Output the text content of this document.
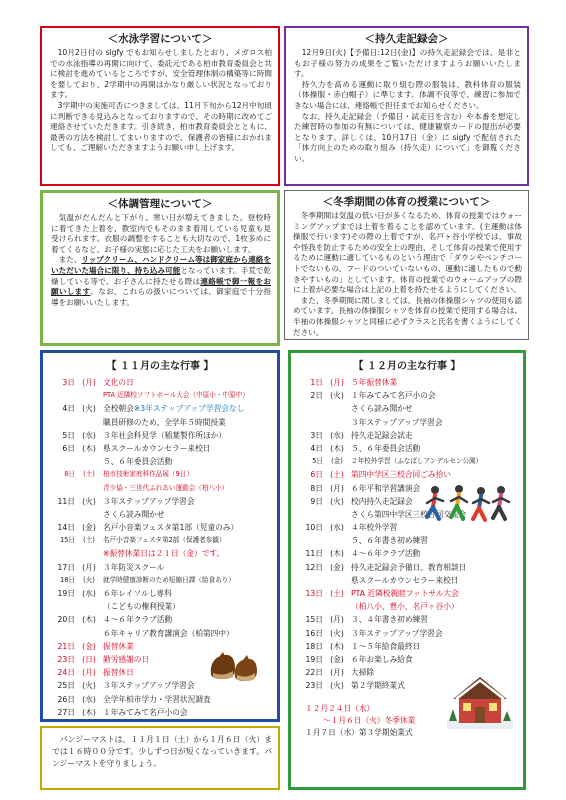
＜水泳学習について＞

10月2日付の sigfy でもお知らせしましたとおり、メガロス柏での水泳指導の再開に向けて、委託元である柏市教育委員会と共に検討を進めているところですが、安全管理体制の構築等に時間を要しており、2学期中の再開はかなり厳しい状況となっております。

3学期中の実施可否につきましては、11月下旬から12月中旬頃に判断できる見込みとなっておりますので、その時期に改めてご連絡させていただきます。引き続き、柏市教育委員会とともに、最善の方法を検討してまいりますので、保護者の皆様におかれましても、ご理解いただきますようお願い申し上げます。

＜持久走記録会＞

12月9日(火)【予備日:12日(金)】の持久走記録会では、是非ともお子様の努力の成果をご覧いただけますようお願いいたします。

持久力を高める運動に取り組む際の服装は、教科体育の服装（体操服・赤白帽子）に準じます。体調不良等で、練習に参加できない場合には、連絡帳で担任までお知らせください。

なお、持久走記録会（予備日・試走日を含む）や本番を想定した練習時の参加の有無については、健康観察カードの提出が必要となります。詳しくは、10月17日（金）に sigfy で配信された「体力向上のための取り組み（持久走）について」を御覧ください。

＜体調管理について＞

気温がだんだんと下がり、寒い日が増えてきました。登校時に着てきた上着を、教室内でもそのまま着用している児童も見受けられます。衣服の調整をすることも大切なので、1枚多めに着てくるなど、お子様の実態に応じた工夫をお願いします。

また、リップクリーム、ハンドクリーム等は御家庭から連絡をいただいた場合に限り、持ち込み可能となっています。手荒で乾燥している等で、お子さんに持たせる際は連絡帳で御一報をお願いします。なお、これらの扱いについては、御家庭で十分指導をお願いいたします。

＜冬季期間の体育の授業について＞

冬季期間は気温の低い日が多くなるため、体育の授業ではウォーミングアップまでは上着を着ることを認めています。(主運動は体操服で行います)その際の上着ですが、名戸ヶ谷小学校では、事故や怪我を防止するための安全上の理由、そして体育の授業で使用するために運動に適しているものという理由で「ダウンやベンチコートでないもの、フードのついていないもの、運動に適したもので動きやすいもの」としています。体育の授業でのウォームアップの際に上着が必要な場合は上記の上着を持たせるようにしてください。

また、冬季期間に関しましては、長袖の体操服シャツの使用も認めています。長袖の体操服シャツを体育の授業で使用する場合は、半袖の体操服シャツと同様に必ずクラスと氏名を書くようにしてください。

【 １１月の主な行事 】
3日 (月) 文化の日
PTA 近隣校ソフトボール大会（中原小・中原中）
4日 (火) 全校朝会※3年ステップアップ学習会なし
職員研修のため、全学年５時間授業
5日 (水) ３年社会科見学（稲葉製作所ほか）
6日 (木) 県スクールカウンセラー来校日
５、６年委員会活動
8日 (土) 柏市技術家庭科作品展（9日）
青少協・三世代ふれあい運動会（柏八小）
11日 (火) ３年ステップアップ学習会
さくら読み聞かせ
14日 (金) 名戸小音楽フェスタ第1部（児童のみ）
15日 (土) 名戸小音楽フェスタ第2部（保護者参観）
※振替休業日は２１日（金）です。
17日 (月) ３年防災スクール
18日 (火) 就学時健康診断のため短縮日課（給食あり）
19日 (水) ６年レイソルし専科
（こどもの権利授業）
20日 (木) ４～６年クラブ活動
６年キャリア教育講演会（柏第四中）
21日 (金) 振替休業
23日 (日) 勤労感謝の日
24日 (月) 振替休日
25日 (火) ３年ステップアップ学習会
26日 (水) 全学年柏市学力・学習状況調査
27日 (木) １年みてみて名戸小の会
【 １２月の主な行事 】
1日 (月) ５年振替休業
2日 (火) １年みてみて名戸小の会
さくら読み聞かせ
３年ステップアップ学習会
3日 (水) 持久走記録会試走
4日 (木) ５、６年委員会活動
5日 (金) ２年校外学習（ふなばしアンデルセン公園）
6日 (土) 第四中学区三校合同ごみ拾い
8日 (月) ６年平和学習講演会
9日 (火) 校内持久走記録会
さくら第四中学区三校合同交流会
10日 (水) ４年校外学習
５、６年書き初め練習
11日 (木) ４～６年クラブ活動
12日 (金) 持久走記録会予備日、教育相談日
県スクールカウンセラー来校日
13日 (土) PTA 近隣校親睦フットサル大会
（柏八小、豊小、名戸ヶ谷小）
15日 (月) ３、４年書き初め練習
16日 (火) ３年ステップアップ学習会
18日 (木) １～５年給食最終日
19日 (金) ６年お楽しみ給食
22日 (月) 大掃除
23日 (火) 第２学期終業式
１２月２４日（水）
～１月６日（火）冬季休業
１月７日（水）第３学期始業式
パンジーマストは、１１月１日（土）から１月６日（火）までは１６時００分です。少しずつ日が短くなっていきます。パンジーマストを守りましょう。
